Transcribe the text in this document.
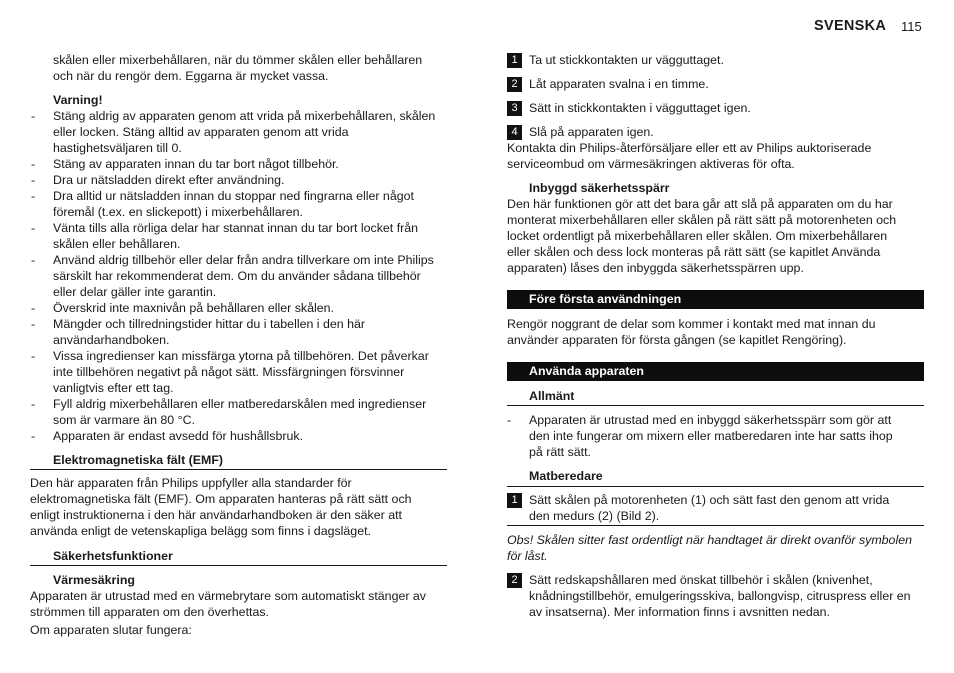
SVENSKA 115
skålen eller mixerbehållaren, när du tömmer skålen eller behållaren
och när du rengör dem. Eggarna är mycket vassa.
Varning!
- Stäng aldrig av apparaten genom att vrida på mixerbehållaren, skålen
eller locken. Stäng alltid av apparaten genom att vrida
hastighetsväljaren till 0.
- Stäng av apparaten innan du tar bort något tillbehör.
- Dra ur nätsladden direkt efter användning.
- Dra alltid ur nätsladden innan du stoppar ned fingrarna eller något
föremål (t.ex. en slickepott) i mixerbehållaren.
- Vänta tills alla rörliga delar har stannat innan du tar bort locket från
skålen eller behållaren.
- Använd aldrig tillbehör eller delar från andra tillverkare om inte Philips
särskilt har rekommenderat dem. Om du använder sådana tillbehör
eller delar gäller inte garantin.
- Överskrid inte maxnivån på behållaren eller skålen.
- Mängder och tillredningstider hittar du i tabellen i den här
användarhandboken.
- Vissa ingredienser kan missfärga ytorna på tillbehören. Det påverkar
inte tillbehören negativt på något sätt. Missfärgningen försvinner
vanligtvis efter ett tag.
- Fyll aldrig mixerbehållaren eller matberedarskålen med ingredienser
som är varmare än 80 °C.
- Apparaten är endast avsedd för hushållsbruk.
Elektromagnetiska fält (EMF)
Den här apparaten från Philips uppfyller alla standarder för
elektromagnetiska fält (EMF). Om apparaten hanteras på rätt sätt och
enligt instruktionerna i den här användarhandboken är den säker att
använda enligt de vetenskapliga belägg som finns i dagsläget.
Säkerhetsfunktioner
Värmesäkring
Apparaten är utrustad med en värmebrytare som automatiskt stänger av
strömmen till apparaten om den överhettas.
Om apparaten slutar fungera:
1 Ta ut stickkontakten ur vägguttaget.
2 Låt apparaten svalna i en timme.
3 Sätt in stickkontakten i vägguttaget igen.
4 Slå på apparaten igen.
Kontakta din Philips-återförsäljare eller ett av Philips auktoriserade
serviceombud om värmesäkringen aktiveras för ofta.
Inbyggd säkerhetsspärr
Den här funktionen gör att det bara går att slå på apparaten om du har
monterat mixerbehållaren eller skålen på rätt sätt på motorenheten och
locket ordentligt på mixerbehållaren eller skålen. Om mixerbehållaren
eller skålen och dess lock monteras på rätt sätt (se kapitlet Använda
apparaten) låses den inbyggda säkerhetsspärren upp.
Före första användningen
Rengör noggrant de delar som kommer i kontakt med mat innan du
använder apparaten för första gången (se kapitlet Rengöring).
Använda apparaten
Allmänt
- Apparaten är utrustad med en inbyggd säkerhetsspärr som gör att
den inte fungerar om mixern eller matberedaren inte har satts ihop
på rätt sätt.
Matberedare
1 Sätt skålen på motorenheten (1) och sätt fast den genom att vrida
den medurs (2) (Bild 2).
Obs! Skålen sitter fast ordentligt när handtaget är direkt ovanför symbolen
för låst.
2 Sätt redskapshållaren med önskat tillbehör i skålen (knivenhet,
knådningstillbehör, emulgeringsskiva, ballongvisp, citruspress eller en
av insatserna). Mer information finns i avsnitten nedan.
